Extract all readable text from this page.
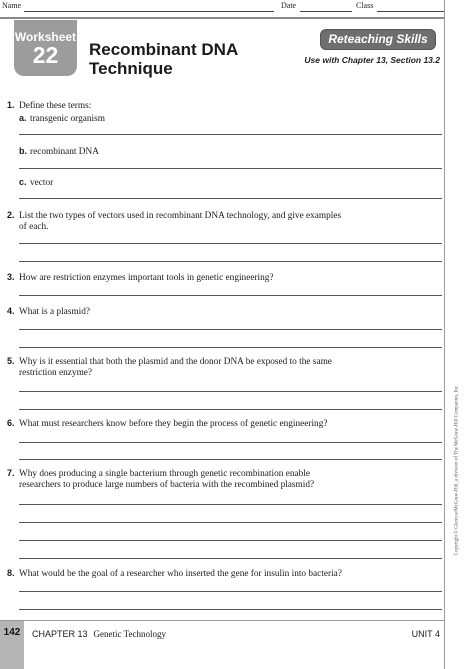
Name	Date	Class
Worksheet
22	Recombinant DNA
Technique
Reteaching Skills
Use with Chapter 13, Section 13.2
1. Define these terms:
a. transgenic organism
b. recombinant DNA
c. vector
2. List the two types of vectors used in recombinant DNA technology, and give examples
of each.
3. How are restriction enzymes important tools in genetic engineering?
4. What is a plasmid?
5. Why is it essential that both the plasmid and the donor DNA be exposed to the same
restriction enzyme?
6. What must researchers know before they begin the process of genetic engineering?
7. Why does producing a single bacterium through genetic recombination enable
researchers to produce large numbers of bacteria with the recombined plasmid?
8. What would be the goal of a researcher who inserted the gene for insulin into bacteria?
Copyright © Glencoe/McGraw-Hill, a division of The McGraw-Hill Companies, Inc.
142	CHAPTER 13 Genetic Technology	UNIT 4
